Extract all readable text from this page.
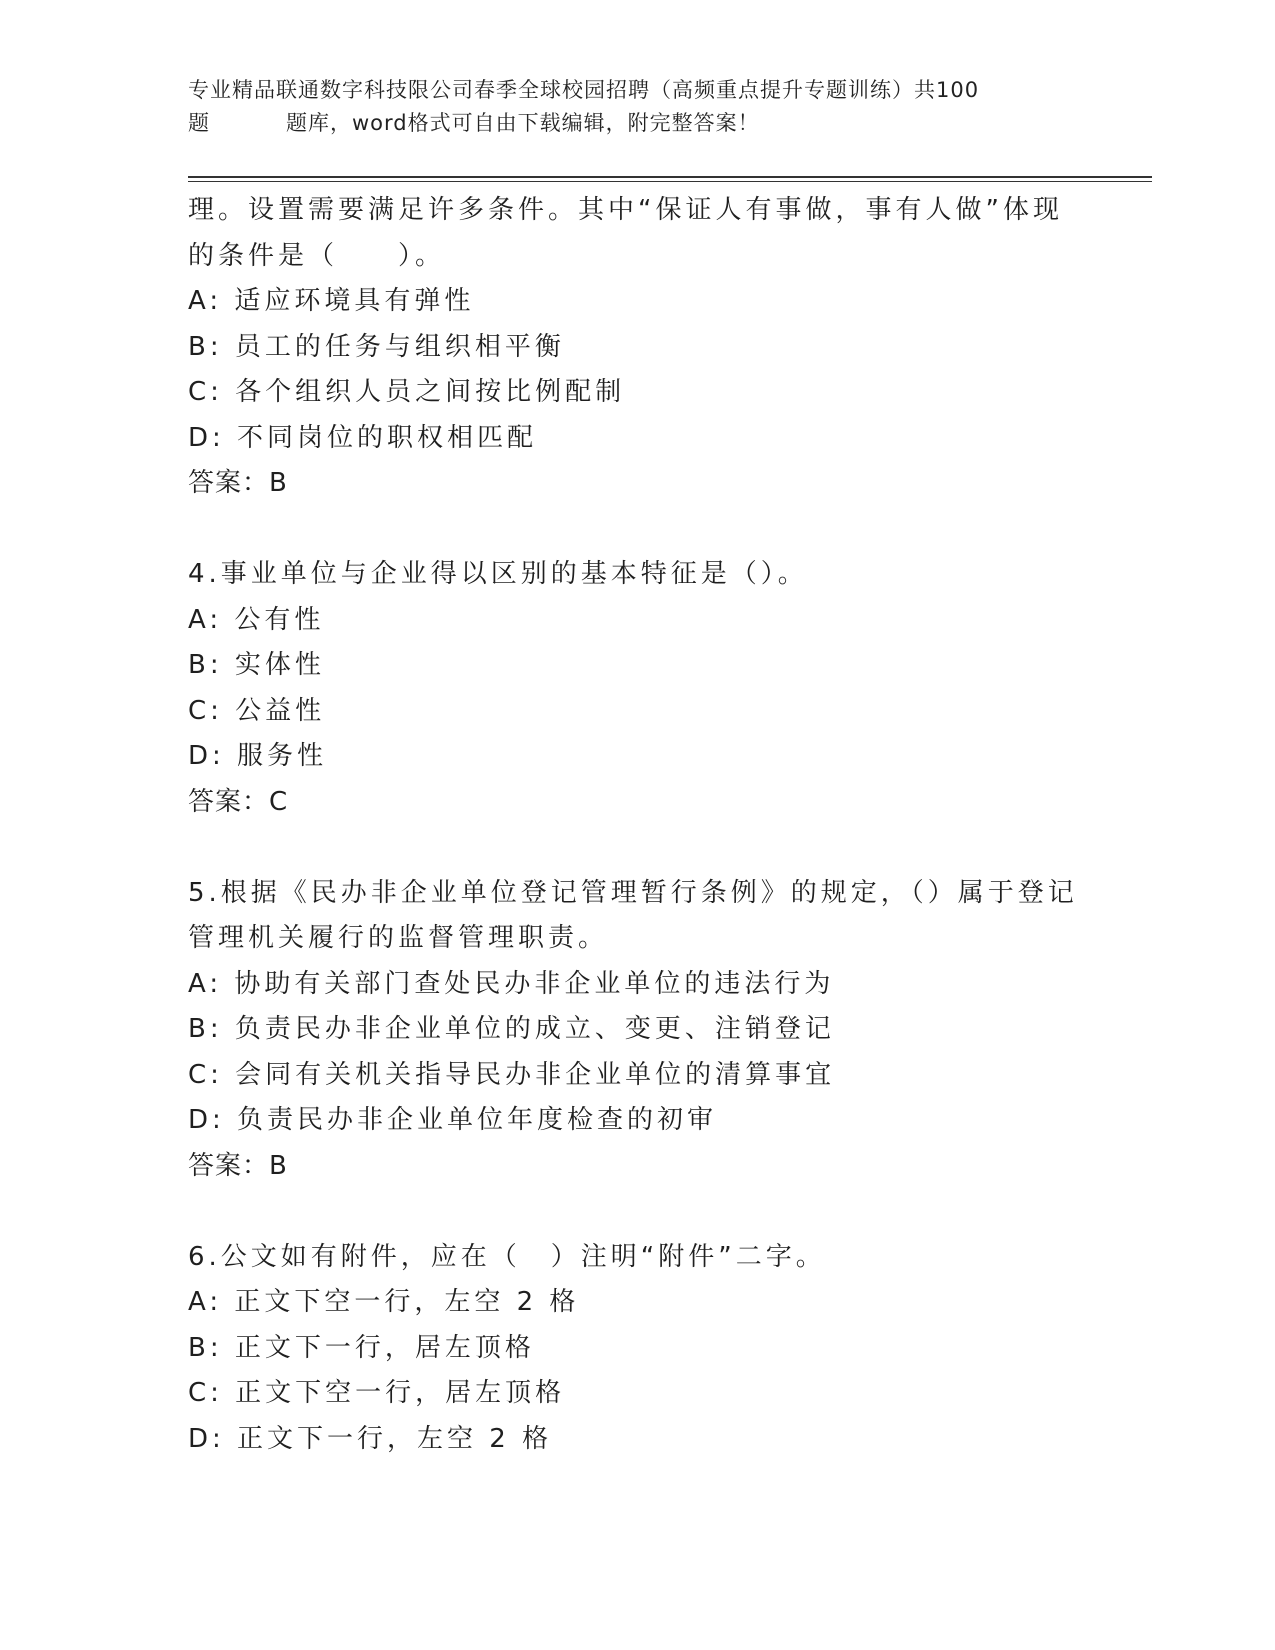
专业精品联通数字科技限公司春季全球校园招聘（高频重点提升专题训练）共100
题	题库，word格式可自由下载编辑，附完整答案！
理。设置需要满足许多条件。其中“保证人有事做，事有人做”体现
的条件是（　　）。
A: 适应环境具有弹性
B: 员工的任务与组织相平衡
C: 各个组织人员之间按比例配制
D: 不同岗位的职权相匹配
答案：B
4.事业单位与企业得以区别的基本特征是（）。
A: 公有性
B: 实体性
C: 公益性
D: 服务性
答案：C
5.根据《民办非企业单位登记管理暂行条例》的规定，（）属于登记
管理机关履行的监督管理职责。
A: 协助有关部门查处民办非企业单位的违法行为
B: 负责民办非企业单位的成立、变更、注销登记
C: 会同有关机关指导民办非企业单位的清算事宜
D: 负责民办非企业单位年度检查的初审
答案：B
6.公文如有附件，应在（　）注明“附件”二字。
A: 正文下空一行，左空 2 格
B: 正文下一行，居左顶格
C: 正文下空一行，居左顶格
D: 正文下一行，左空 2 格
